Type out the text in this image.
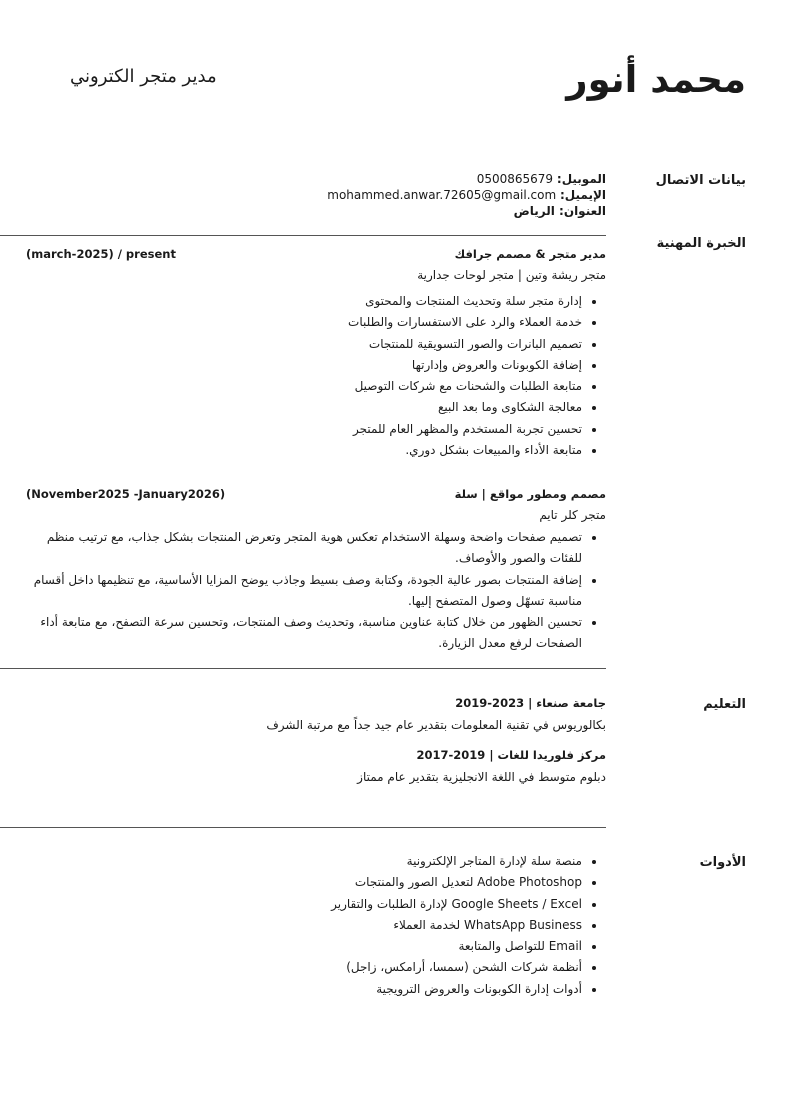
محمد أنور
مدير متجر الكتروني
بيانات الاتصال
الموبيل: 0500865679
الإيميل: mohammed.anwar.72605@gmail.com
العنوان: الرياض
الخبرة المهنية
مدير متجر & مصمم جرافك
(march-2025) / present
متجر ريشة وتين | متجر لوحات جدارية
• إدارة متجر سلة وتحديث المنتجات والمحتوى
• خدمة العملاء والرد على الاستفسارات والطلبات
• تصميم البانرات والصور التسويقية للمنتجات
• إضافة الكوبونات والعروض وإدارتها
• متابعة الطلبات والشحنات مع شركات التوصيل
• معالجة الشكاوى وما بعد البيع
• تحسين تجربة المستخدم والمظهر العام للمتجر
• متابعة الأداء والمبيعات بشكل دوري.
مصمم ومطور مواقع | سلة
(November2025 -January2026)
متجر كلر تايم
• تصميم صفحات واضحة وسهلة الاستخدام تعكس هوية المتجر وتعرض المنتجات بشكل جذاب، مع ترتيب منظم للفئات والصور والأوصاف.
• إضافة المنتجات بصور عالية الجودة، وكتابة وصف بسيط وجاذب يوضح المزايا الأساسية، مع تنظيمها داخل أقسام مناسبة تسهّل وصول المتصفح إليها.
• تحسين الظهور من خلال كتابة عناوين مناسبة، وتحديث وصف المنتجات، وتحسين سرعة التصفح، مع متابعة أداء الصفحات لرفع معدل الزيارة.
التعليم
جامعة صنعاء | 2019-2023
بكالوريوس في تقنية المعلومات بتقدير عام جيد جداً مع مرتبة الشرف
مركز فلوريدا للغات | 2017-2019
دبلوم متوسط في اللغة الانجليزية بتقدير عام ممتاز
الأدوات
• منصة سلة لإدارة المتاجر الإلكترونية
• Adobe Photoshop لتعديل الصور والمنتجات
• Google Sheets / Excel لإدارة الطلبات والتقارير
• WhatsApp Business لخدمة العملاء
• Email للتواصل والمتابعة
• أنظمة شركات الشحن (سمسا، أرامكس، زاجل)
• أدوات إدارة الكوبونات والعروض الترويجية
